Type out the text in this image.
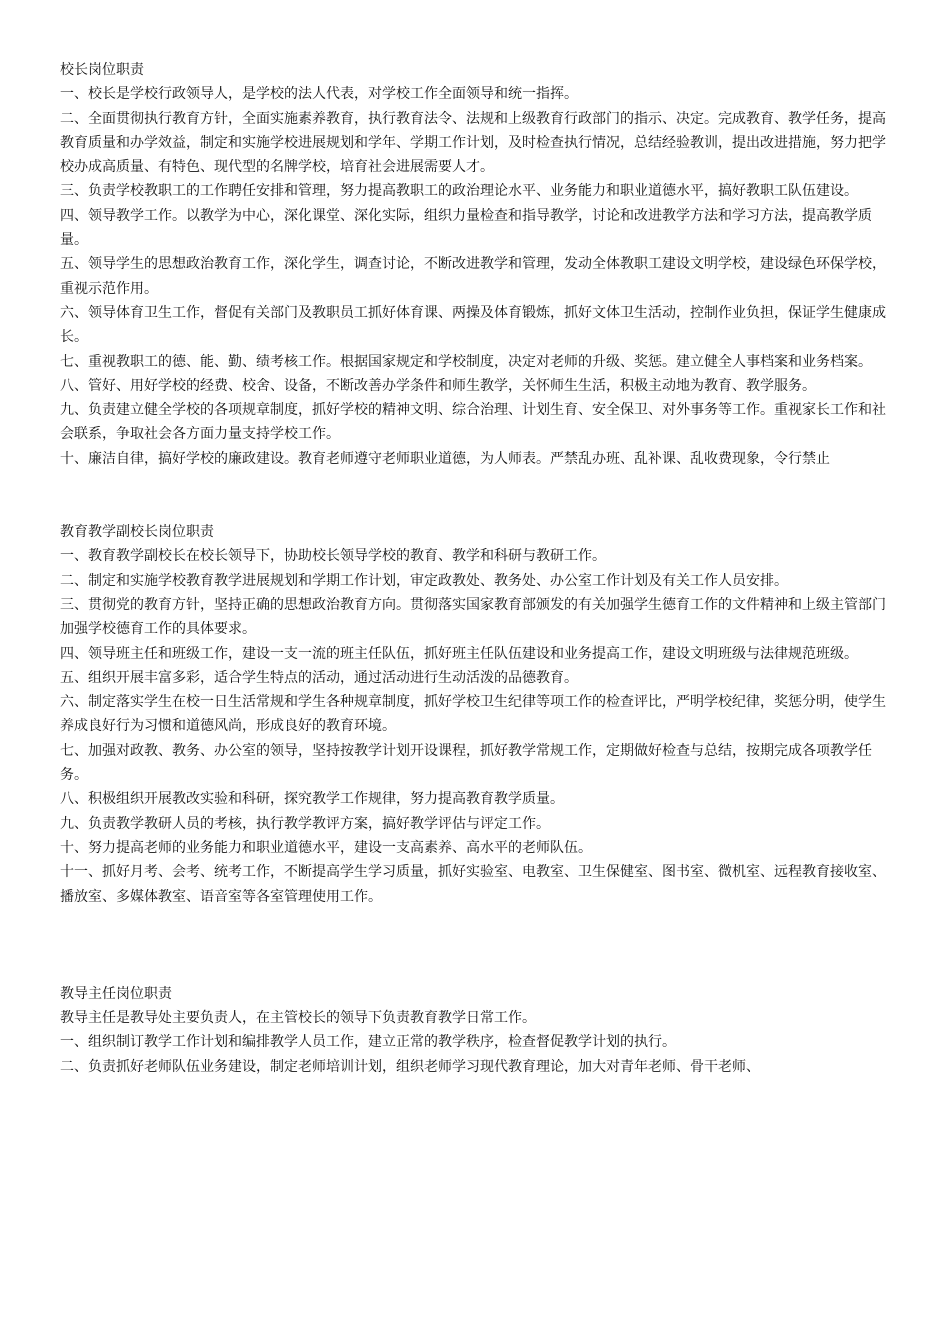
校长岗位职责

一、校长是学校行政领导人，是学校的法人代表，对学校工作全面领导和统一指挥。

二、全面贯彻执行教育方针，全面实施素养教育，执行教育法令、法规和上级教育行政部门的指示、决定。完成教育、教学任务，提高教育质量和办学效益，制定和实施学校进展规划和学年、学期工作计划，及时检查执行情况，总结经验教训，提出改进措施，努力把学校办成高质量、有特色、现代型的名牌学校，培育社会进展需要人才。

三、负责学校教职工的工作聘任安排和管理，努力提高教职工的政治理论水平、业务能力和职业道德水平，搞好教职工队伍建设。

四、领导教学工作。以教学为中心，深化课堂、深化实际，组织力量检查和指导教学，讨论和改进教学方法和学习方法，提高教学质量。

五、领导学生的思想政治教育工作，深化学生，调查讨论，不断改进教学和管理，发动全体教职工建设文明学校，建设绿色环保学校，重视示范作用。

六、领导体育卫生工作，督促有关部门及教职员工抓好体育课、两操及体育锻炼，抓好文体卫生活动，控制作业负担，保证学生健康成长。

七、重视教职工的德、能、勤、绩考核工作。根据国家规定和学校制度，决定对老师的升级、奖惩。建立健全人事档案和业务档案。

八、管好、用好学校的经费、校舍、设备，不断改善办学条件和师生教学，关怀师生生活，积极主动地为教育、教学服务。

九、负责建立健全学校的各项规章制度，抓好学校的精神文明、综合治理、计划生育、安全保卫、对外事务等工作。重视家长工作和社会联系，争取社会各方面力量支持学校工作。

十、廉洁自律，搞好学校的廉政建设。教育老师遵守老师职业道德，为人师表。严禁乱办班、乱补课、乱收费现象，令行禁止

教育教学副校长岗位职责

一、教育教学副校长在校长领导下，协助校长领导学校的教育、教学和科研与教研工作。

二、制定和实施学校教育教学进展规划和学期工作计划，审定政教处、教务处、办公室工作计划及有关工作人员安排。

三、贯彻党的教育方针，坚持正确的思想政治教育方向。贯彻落实国家教育部颁发的有关加强学生德育工作的文件精神和上级主管部门加强学校德育工作的具体要求。

四、领导班主任和班级工作，建设一支一流的班主任队伍，抓好班主任队伍建设和业务提高工作，建设文明班级与法律规范班级。

五、组织开展丰富多彩，适合学生特点的活动，通过活动进行生动活泼的品德教育。

六、制定落实学生在校一日生活常规和学生各种规章制度，抓好学校卫生纪律等项工作的检查评比，严明学校纪律，奖惩分明，使学生养成良好行为习惯和道德风尚，形成良好的教育环境。

七、加强对政教、教务、办公室的领导，坚持按教学计划开设课程，抓好教学常规工作，定期做好检查与总结，按期完成各项教学任务。

八、积极组织开展教改实验和科研，探究教学工作规律，努力提高教育教学质量。

九、负责教学教研人员的考核，执行教学教评方案，搞好教学评估与评定工作。

十、努力提高老师的业务能力和职业道德水平，建设一支高素养、高水平的老师队伍。

十一、抓好月考、会考、统考工作，不断提高学生学习质量，抓好实验室、电教室、卫生保健室、图书室、微机室、远程教育接收室、播放室、多媒体教室、语音室等各室管理使用工作。

教导主任岗位职责

教导主任是教导处主要负责人，在主管校长的领导下负责教育教学日常工作。

一、组织制订教学工作计划和编排教学人员工作，建立正常的教学秩序，检查督促教学计划的执行。

二、负责抓好老师队伍业务建设，制定老师培训计划，组织老师学习现代教育理论，加大对青年老师、骨干老师、
